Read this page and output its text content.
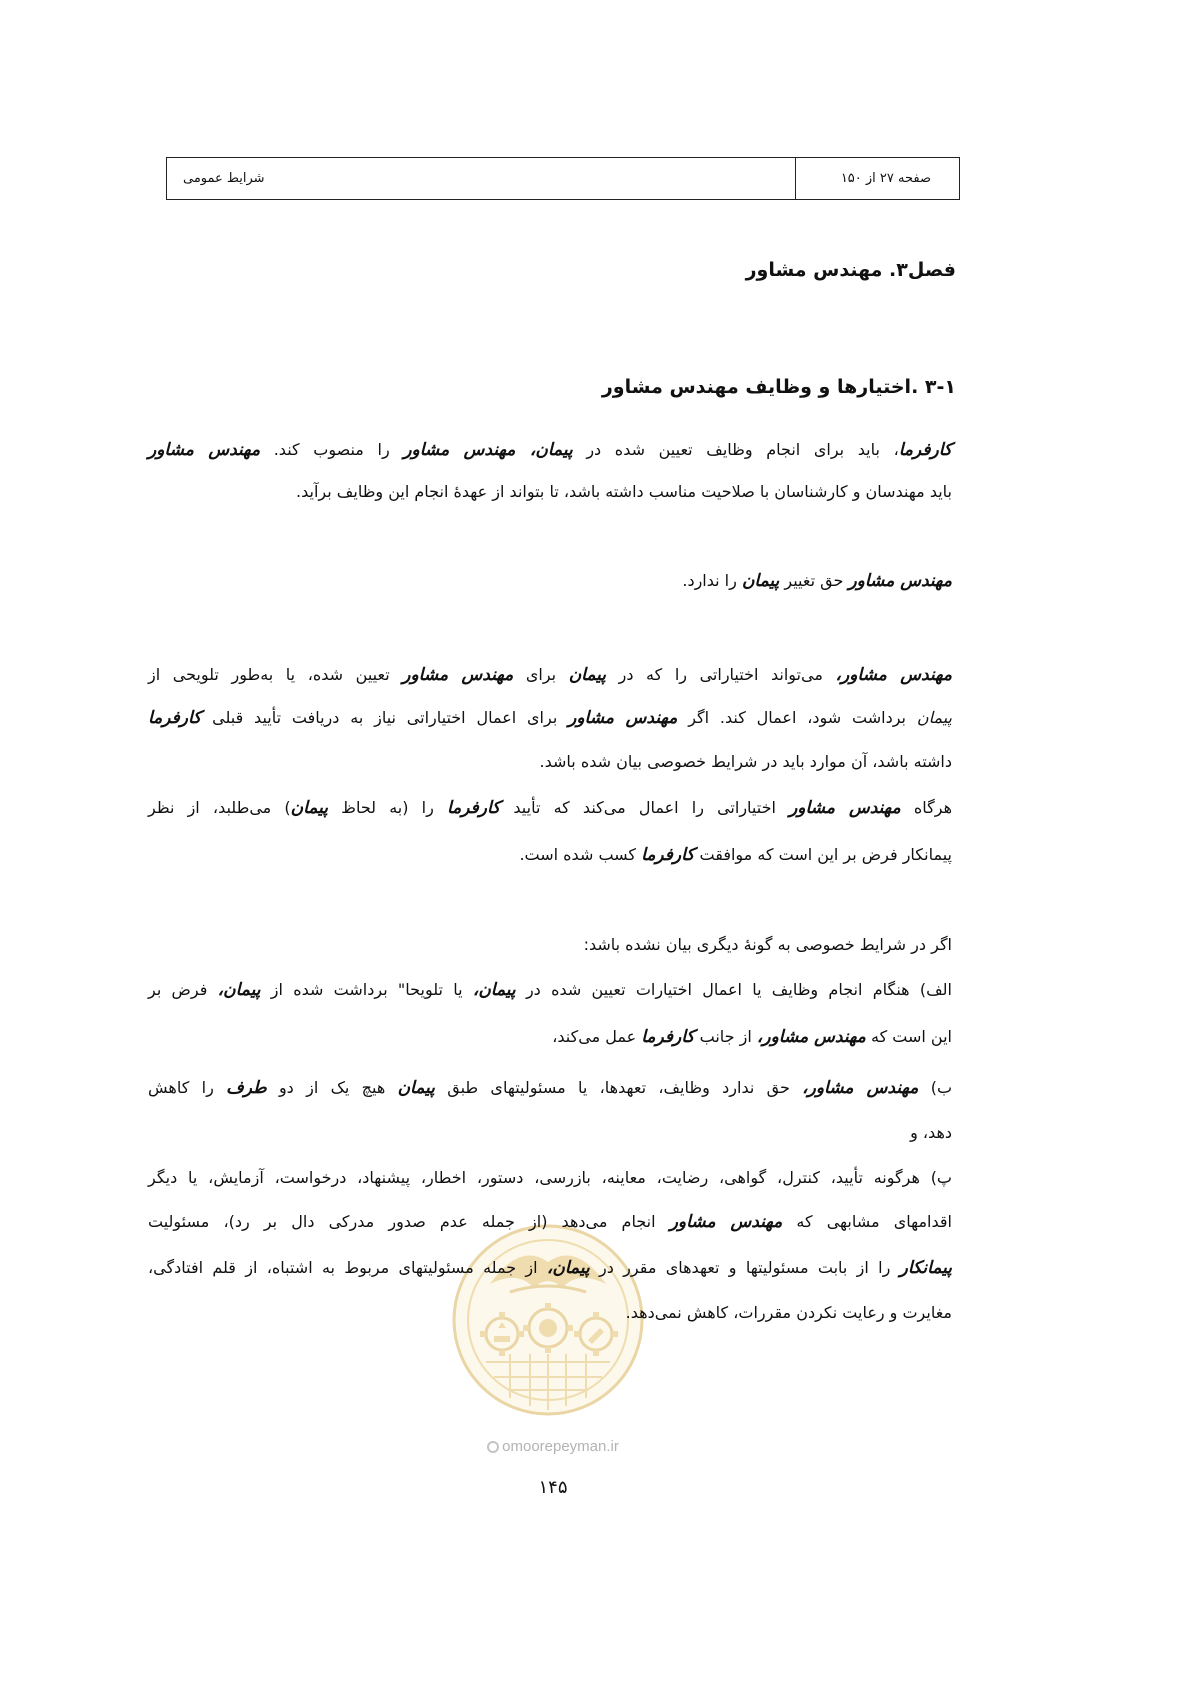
صفحه ۲۷ از ۱۵۰
شرایط عمومی
فصل۳. مهندس مشاور
۳-۱ .اختیارها و وظایف مهندس مشاور
کارفرما، باید برای انجام وظایف تعیین شده در پیمان، مهندس مشاور را منصوب کند. مهندس مشاور
باید مهندسان و کارشناسان با صلاحیت مناسب داشته باشد، تا بتواند از عهدهٔ انجام این وظایف برآید.
مهندس مشاور حق تغییر پیمان را ندارد.
مهندس مشاور، می‌تواند اختیاراتی را که در پیمان برای مهندس مشاور تعیین شده، یا به‌طور تلویحی از
پیمان برداشت شود، اعمال کند. اگر مهندس مشاور برای اعمال اختیاراتی نیاز به دریافت تأیید قبلی کارفرما
داشته باشد، آن موارد باید در شرایط خصوصی بیان شده باشد.
هرگاه مهندس مشاور اختیاراتی را اعمال می‌کند که تأیید کارفرما را (به لحاظ پیمان) می‌طلبد، از نظر
پیمانکار فرض بر این است که موافقت کارفرما کسب شده است.
اگر در شرایط خصوصی به گونهٔ دیگری بیان نشده باشد:
الف) هنگام انجام وظایف یا اعمال اختیارات تعیین شده در پیمان، یا تلویحا" برداشت شده از پیمان، فرض بر
این است که مهندس مشاور، از جانب کارفرما عمل می‌کند،
ب) مهندس مشاور، حق ندارد وظایف، تعهدها، یا مسئولیتهای طبق پیمان هیچ یک از دو طرف را کاهش
دهد، و
پ) هرگونه تأیید، کنترل، گواهی، رضایت، معاینه، بازرسی، دستور، اخطار، پیشنهاد، درخواست، آزمایش، یا دیگر
اقدامهای مشابهی که مهندس مشاور انجام می‌دهد (از جمله عدم صدور مدرکی دال بر رد)، مسئولیت
پیمانکار را از بابت مسئولیتها و تعهدهای مقرر در پیمان، از جمله مسئولیتهای مربوط به اشتباه، از قلم افتادگی،
مغایرت و رعایت نکردن مقررات، کاهش نمی‌دهد.
omoorepeyman.ir
۱۴۵
